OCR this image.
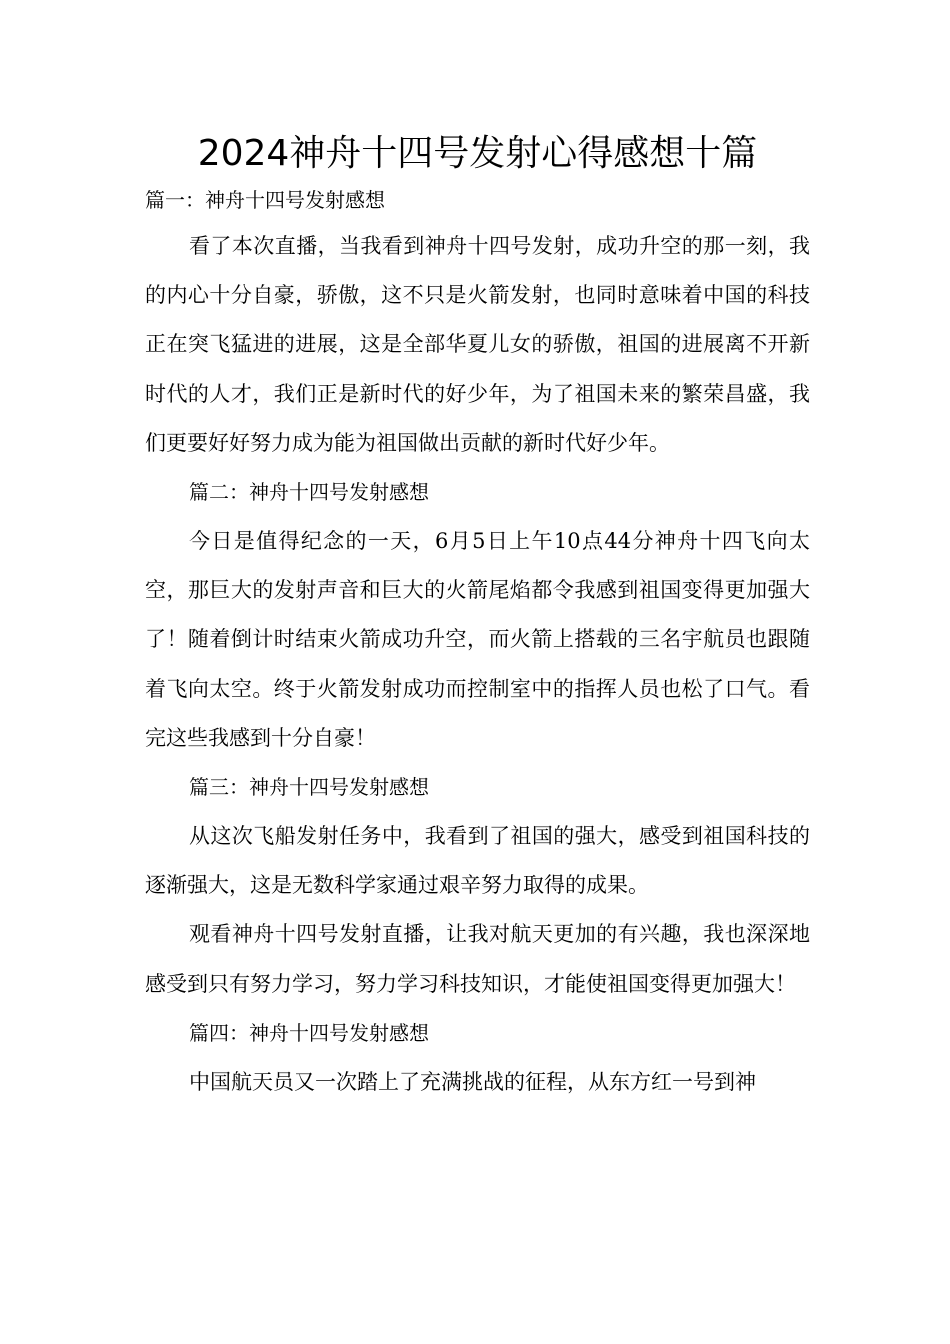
2024神舟十四号发射心得感想十篇

篇一：神舟十四号发射感想

看了本次直播，当我看到神舟十四号发射，成功升空的那一刻，我的内心十分自豪，骄傲，这不只是火箭发射，也同时意味着中国的科技正在突飞猛进的进展，这是全部华夏儿女的骄傲，祖国的进展离不开新时代的人才，我们正是新时代的好少年，为了祖国未来的繁荣昌盛，我们更要好好努力成为能为祖国做出贡献的新时代好少年。

篇二：神舟十四号发射感想

今日是值得纪念的一天，6月5日上午10点44分神舟十四飞向太空，那巨大的发射声音和巨大的火箭尾焰都令我感到祖国变得更加强大了！随着倒计时结束火箭成功升空，而火箭上搭载的三名宇航员也跟随着飞向太空。终于火箭发射成功而控制室中的指挥人员也松了口气。看完这些我感到十分自豪！

篇三：神舟十四号发射感想

从这次飞船发射任务中，我看到了祖国的强大，感受到祖国科技的逐渐强大，这是无数科学家通过艰辛努力取得的成果。

观看神舟十四号发射直播，让我对航天更加的有兴趣，我也深深地感受到只有努力学习，努力学习科技知识，才能使祖国变得更加强大！

篇四：神舟十四号发射感想

中国航天员又一次踏上了充满挑战的征程，从东方红一号到神
